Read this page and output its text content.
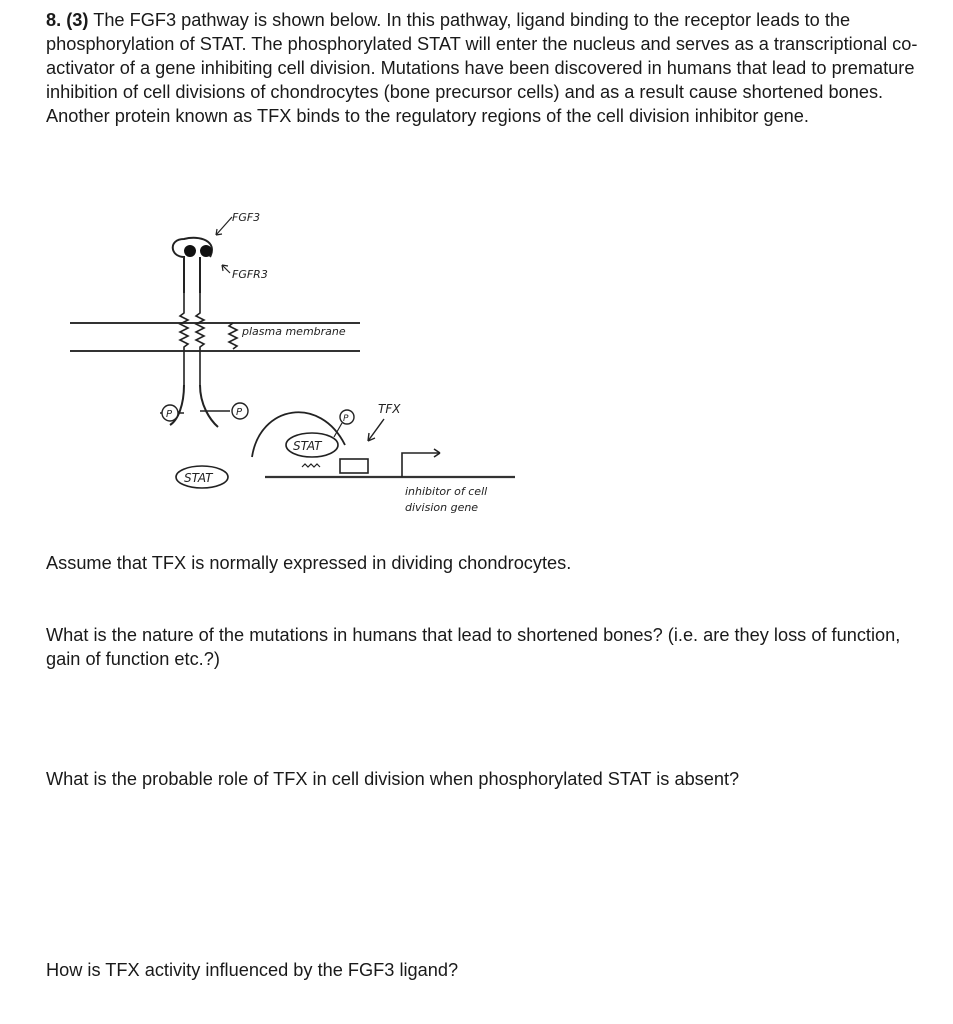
8. (3) The FGF3 pathway is shown below. In this pathway, ligand binding to the receptor leads to the phosphorylation of STAT. The phosphorylated STAT will enter the nucleus and serves as a transcriptional co-activator of a gene inhibiting cell division. Mutations have been discovered in humans that lead to premature inhibition of cell divisions of chondrocytes (bone precursor cells) and as a result cause shortened bones.

Another protein known as TFX binds to the regulatory regions of the cell division inhibitor gene.

P	P
STAT
STAT
P
TFX
inhibitor of cell
division gene
FGF3
FGFR3
plasma membrane

Assume that TFX is normally expressed in dividing chondrocytes.

What is the nature of the mutations in humans that lead to shortened bones? (i.e. are they loss of function, gain of function etc.?)

What is the probable role of TFX in cell division when phosphorylated STAT is absent?

How is TFX activity influenced by the FGF3 ligand?
